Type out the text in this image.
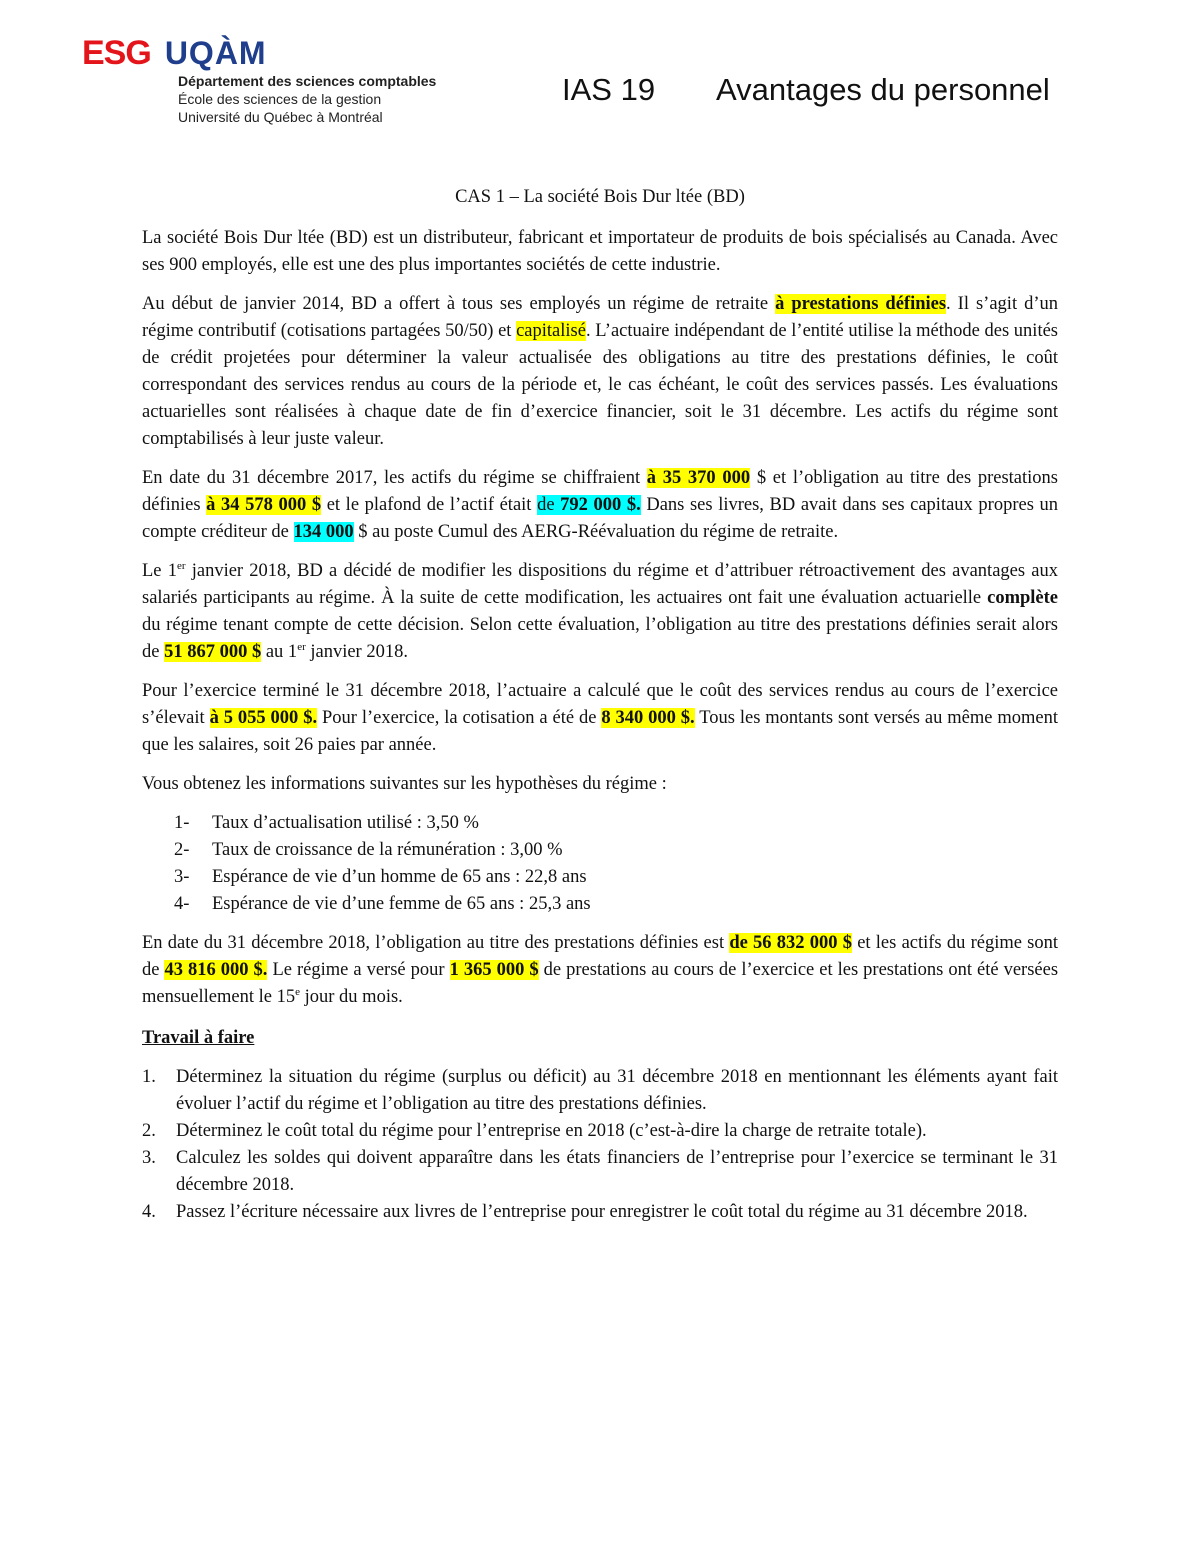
ESG UQÀM
Département des sciences comptables
École des sciences de la gestion
Université du Québec à Montréal
IAS 19 Avantages du personnel
CAS 1 – La société Bois Dur ltée (BD)

La société Bois Dur ltée (BD) est un distributeur, fabricant et importateur de produits de bois spécialisés au Canada. Avec ses 900 employés, elle est une des plus importantes sociétés de cette industrie.

Au début de janvier 2014, BD a offert à tous ses employés un régime de retraite à prestations définies. Il s’agit d’un régime contributif (cotisations partagées 50/50) et capitalisé. L’actuaire indépendant de l’entité utilise la méthode des unités de crédit projetées pour déterminer la valeur actualisée des obligations au titre des prestations définies, le coût correspondant des services rendus au cours de la période et, le cas échéant, le coût des services passés. Les évaluations actuarielles sont réalisées à chaque date de fin d’exercice financier, soit le 31 décembre. Les actifs du régime sont comptabilisés à leur juste valeur.

En date du 31 décembre 2017, les actifs du régime se chiffraient à 35 370 000 $ et l’obligation au titre des prestations définies à 34 578 000 $ et le plafond de l’actif était de 792 000 $. Dans ses livres, BD avait dans ses capitaux propres un compte créditeur de 134 000 $ au poste Cumul des AERG-Réévaluation du régime de retraite.

Le 1er janvier 2018, BD a décidé de modifier les dispositions du régime et d’attribuer rétroactivement des avantages aux salariés participants au régime. À la suite de cette modification, les actuaires ont fait une évaluation actuarielle complète du régime tenant compte de cette décision. Selon cette évaluation, l’obligation au titre des prestations définies serait alors de 51 867 000 $ au 1er janvier 2018.

Pour l’exercice terminé le 31 décembre 2018, l’actuaire a calculé que le coût des services rendus au cours de l’exercice s’élevait à 5 055 000 $. Pour l’exercice, la cotisation a été de 8 340 000 $. Tous les montants sont versés au même moment que les salaires, soit 26 paies par année.

Vous obtenez les informations suivantes sur les hypothèses du régime :

1-	Taux d’actualisation utilisé : 3,50 %
2-	Taux de croissance de la rémunération : 3,00 %
3-	Espérance de vie d’un homme de 65 ans : 22,8 ans
4-	Espérance de vie d’une femme de 65 ans : 25,3 ans

En date du 31 décembre 2018, l’obligation au titre des prestations définies est de 56 832 000 $ et les actifs du régime sont de 43 816 000 $. Le régime a versé pour 1 365 000 $ de prestations au cours de l’exercice et les prestations ont été versées mensuellement le 15e jour du mois.

Travail à faire
1.	Déterminez la situation du régime (surplus ou déficit) au 31 décembre 2018 en mentionnant les éléments ayant fait évoluer l’actif du régime et l’obligation au titre des prestations définies.
2.	Déterminez le coût total du régime pour l’entreprise en 2018 (c’est-à-dire la charge de retraite totale).
3.	Calculez les soldes qui doivent apparaître dans les états financiers de l’entreprise pour l’exercice se terminant le 31 décembre 2018.
4.	Passez l’écriture nécessaire aux livres de l’entreprise pour enregistrer le coût total du régime au 31 décembre 2018.
